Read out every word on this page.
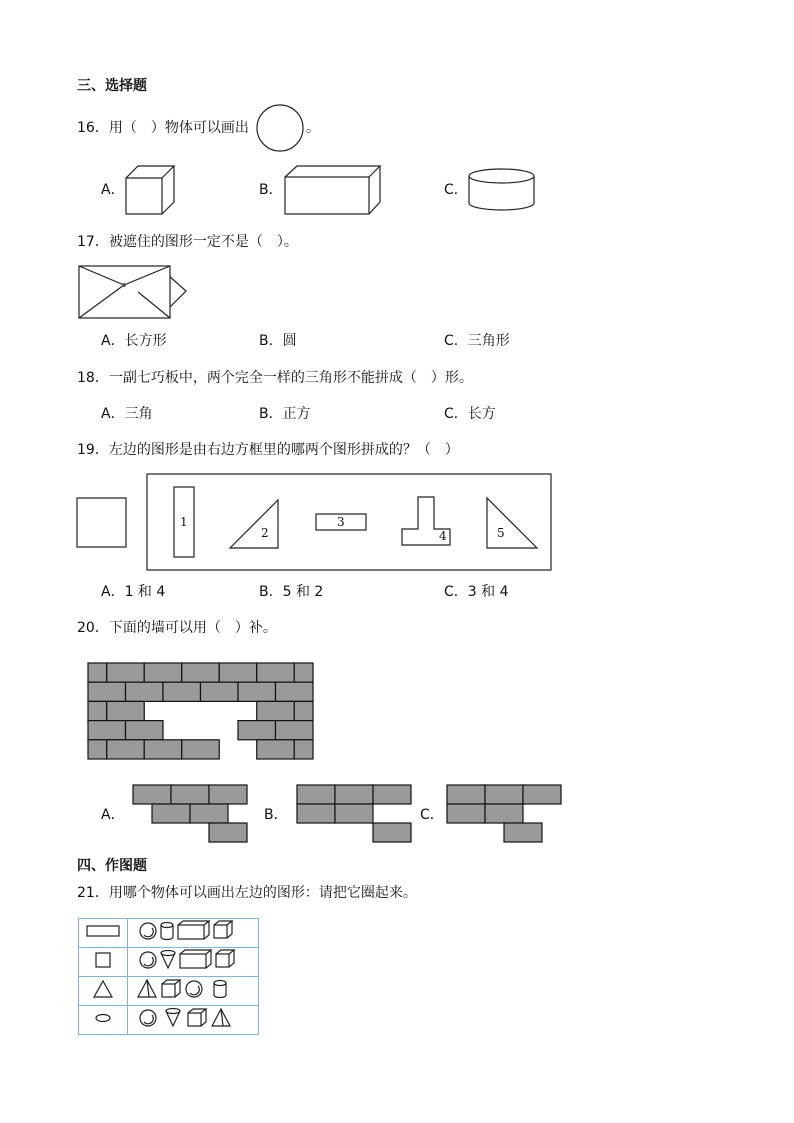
三、选择题
16．用（　）物体可以画出	。
A．	B．	C．
17．被遮住的图形一定不是（　）。
A．长方形	B．圆	C．三角形
18．一副七巧板中，两个完全一样的三角形不能拼成（　）形。
A．三角	B．正方	C．长方
19．左边的图形是由右边方框里的哪两个图形拼成的？（　）
1
2
3
4	5
A．1 和 4	B．5 和 2	C．3 和 4
20．下面的墙可以用（　）补。
A．	B．	C．
四、作图题
21．用哪个物体可以画出左边的图形：请把它圈起来。
